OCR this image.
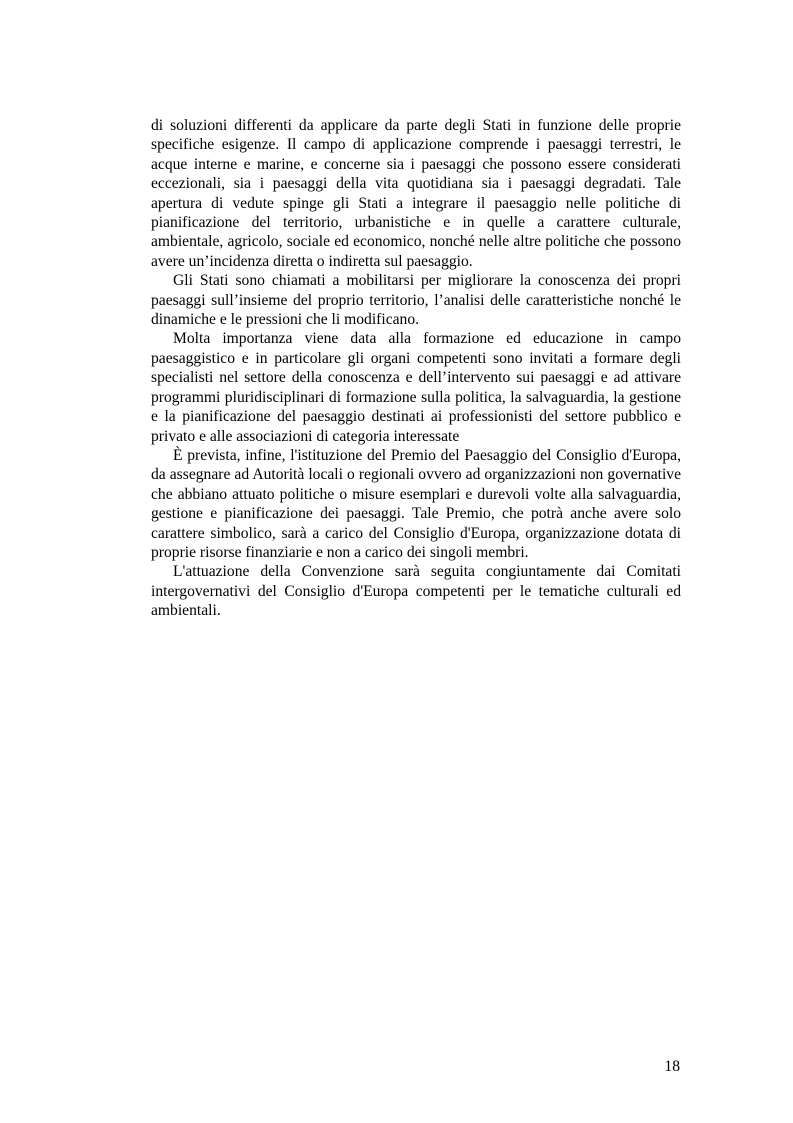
di soluzioni differenti da applicare da parte degli Stati in funzione delle proprie specifiche esigenze. Il campo di applicazione comprende i paesaggi terrestri, le acque interne e marine, e concerne sia i paesaggi che possono essere considerati eccezionali, sia i paesaggi della vita quotidiana sia i paesaggi degradati. Tale apertura di vedute spinge gli Stati a integrare il paesaggio nelle politiche di pianificazione del territorio, urbanistiche e in quelle a carattere culturale, ambientale, agricolo, sociale ed economico, nonché nelle altre politiche che possono avere un’incidenza diretta o indiretta sul paesaggio.

Gli Stati sono chiamati a mobilitarsi per migliorare la conoscenza dei propri paesaggi sull’insieme del proprio territorio, l’analisi delle caratteristiche nonché le dinamiche e le pressioni che li modificano.

Molta importanza viene data alla formazione ed educazione in campo paesaggistico e in particolare gli organi competenti sono invitati a formare degli specialisti nel settore della conoscenza e dell’intervento sui paesaggi e ad attivare programmi pluridisciplinari di formazione sulla politica, la salvaguardia, la gestione e la pianificazione del paesaggio destinati ai professionisti del settore pubblico e privato e alle associazioni di categoria interessate

È prevista, infine, l'istituzione del Premio del Paesaggio del Consiglio d'Europa, da assegnare ad Autorità locali o regionali ovvero ad organizzazioni non governative che abbiano attuato politiche o misure esemplari e durevoli volte alla salvaguardia, gestione e pianificazione dei paesaggi. Tale Premio, che potrà anche avere solo carattere simbolico, sarà a carico del Consiglio d'Europa, organizzazione dotata di proprie risorse finanziarie e non a carico dei singoli membri.

L'attuazione della Convenzione sarà seguita congiuntamente dai Comitati intergovernativi del Consiglio d'Europa competenti per le tematiche culturali ed ambientali.

18
